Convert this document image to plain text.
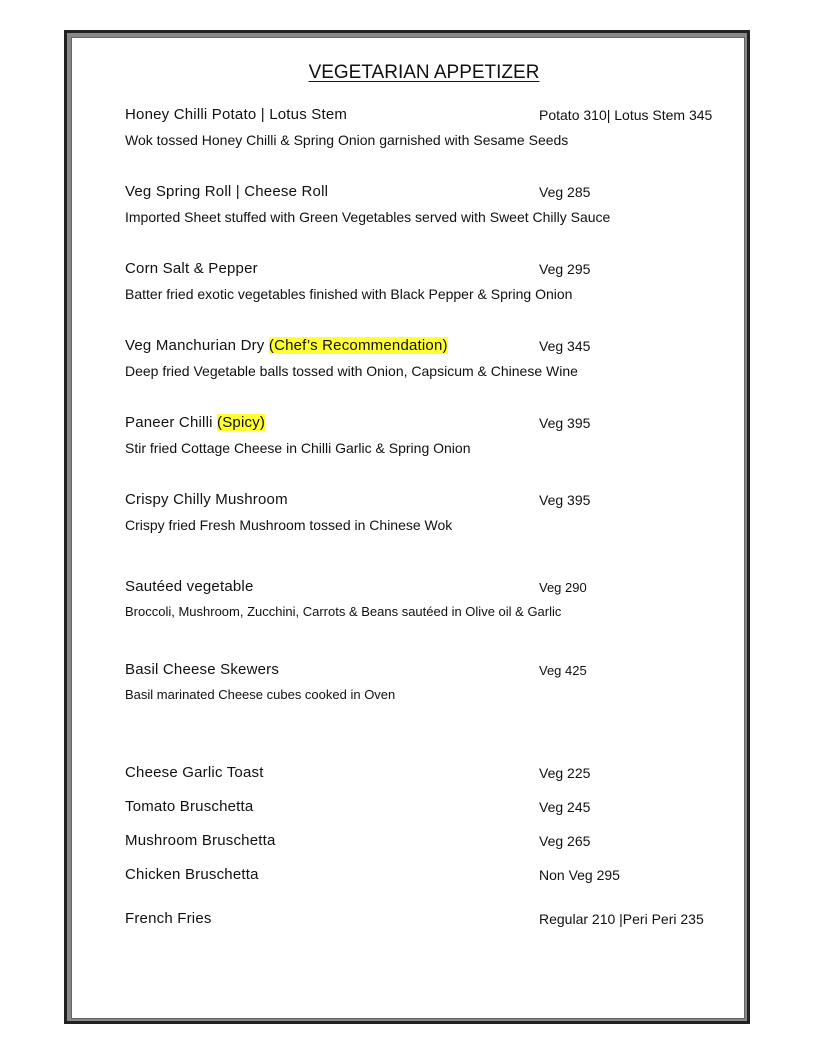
VEGETARIAN APPETIZER
Honey Chilli Potato | Lotus Stem	Potato 310| Lotus Stem 345
Wok tossed Honey Chilli & Spring Onion garnished with Sesame Seeds
Veg Spring Roll | Cheese Roll	Veg 285
Imported Sheet stuffed with Green Vegetables served with Sweet Chilly Sauce
Corn Salt & Pepper	Veg 295
Batter fried exotic vegetables finished with Black Pepper & Spring Onion
Veg Manchurian Dry (Chef’s Recommendation)	Veg 345
Deep fried Vegetable balls tossed with Onion, Capsicum & Chinese Wine
Paneer Chilli (Spicy)	Veg 395
Stir fried Cottage Cheese in Chilli Garlic & Spring Onion
Crispy Chilly Mushroom	Veg 395
Crispy fried Fresh Mushroom tossed in Chinese Wok
Sautéed vegetable	Veg 290
Broccoli, Mushroom, Zucchini, Carrots & Beans sautéed in Olive oil & Garlic
Basil Cheese Skewers	Veg 425
Basil marinated Cheese cubes cooked in Oven
Cheese Garlic Toast	Veg 225
Tomato Bruschetta	Veg 245
Mushroom Bruschetta	Veg 265
Chicken Bruschetta	Non Veg 295
French Fries	Regular 210 |Peri Peri 235
